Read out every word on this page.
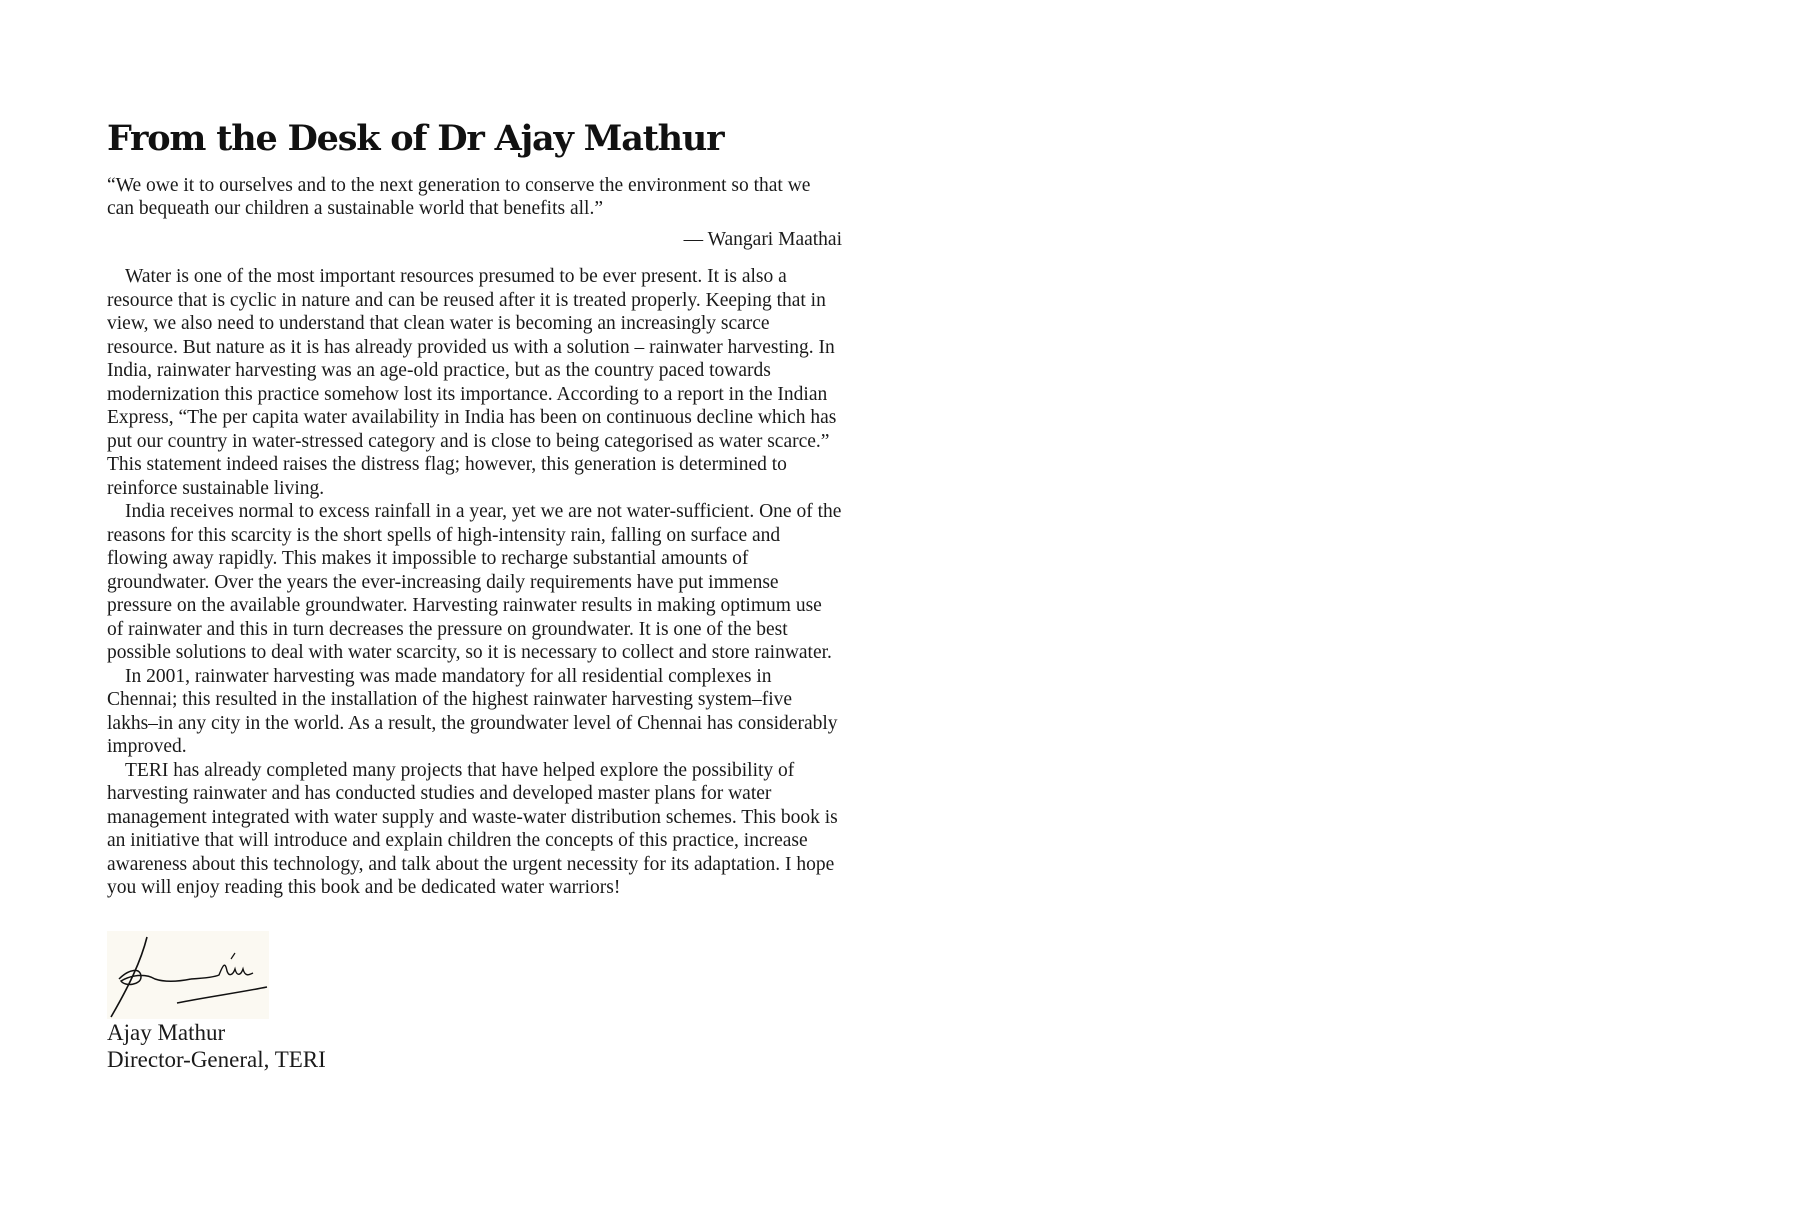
From the Desk of Dr Ajay Mathur

“We owe it to ourselves and to the next generation to conserve the environment so that we can bequeath our children a sustainable world that benefits all.”

— Wangari Maathai

Water is one of the most important resources presumed to be ever present. It is also a resource that is cyclic in nature and can be reused after it is treated properly. Keeping that in view, we also need to understand that clean water is becoming an increasingly scarce resource. But nature as it is has already provided us with a solution – rainwater harvesting. In India, rainwater harvesting was an age-old practice, but as the country paced towards modernization this practice somehow lost its importance. According to a report in the Indian Express, “The per capita water availability in India has been on continuous decline which has put our country in water-stressed category and is close to being categorised as water scarce.” This statement indeed raises the distress flag; however, this generation is determined to reinforce sustainable living.

India receives normal to excess rainfall in a year, yet we are not water-sufficient. One of the reasons for this scarcity is the short spells of high-intensity rain, falling on surface and flowing away rapidly. This makes it impossible to recharge substantial amounts of groundwater. Over the years the ever-increasing daily requirements have put immense pressure on the available groundwater. Harvesting rainwater results in making optimum use of rainwater and this in turn decreases the pressure on groundwater. It is one of the best possible solutions to deal with water scarcity, so it is necessary to collect and store rainwater.

In 2001, rainwater harvesting was made mandatory for all residential complexes in Chennai; this resulted in the installation of the highest rainwater harvesting system–five lakhs–in any city in the world. As a result, the groundwater level of Chennai has considerably improved.

TERI has already completed many projects that have helped explore the possibility of harvesting rainwater and has conducted studies and developed master plans for water management integrated with water supply and waste-water distribution schemes. This book is an initiative that will introduce and explain children the concepts of this practice, increase awareness about this technology, and talk about the urgent necessity for its adaptation. I hope you will enjoy reading this book and be dedicated water warriors!

Ajay Mathur
Director-General, TERI
